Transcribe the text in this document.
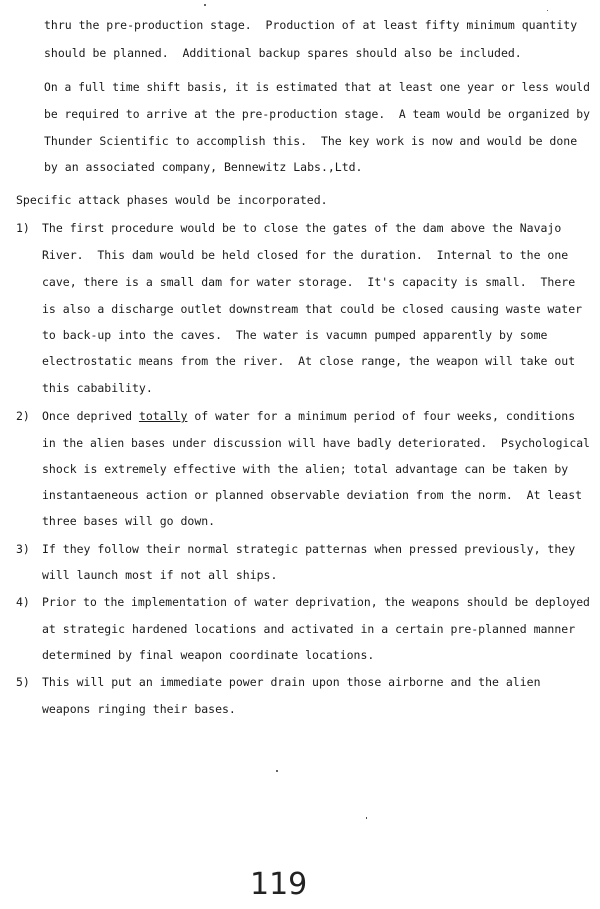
thru the pre-production stage.  Production of at least fifty minimum quantity
should be planned.  Additional backup spares should also be included.
On a full time shift basis, it is estimated that at least one year or less would
be required to arrive at the pre-production stage.  A team would be organized by
Thunder Scientific to accomplish this.  The key work is now and would be done
by an associated company, Bennewitz Labs.,Ltd.
Specific attack phases would be incorporated.
1) The first procedure would be to close the gates of the dam above the Navajo
River.  This dam would be held closed for the duration.  Internal to the one
cave, there is a small dam for water storage.  It's capacity is small.  There
is also a discharge outlet downstream that could be closed causing waste water
to back-up into the caves.  The water is vacumn pumped apparently by some
electrostatic means from the river.  At close range, the weapon will take out
this cabability.
2) Once deprived totally of water for a minimum period of four weeks, conditions
in the alien bases under discussion will have badly deteriorated.  Psychological
shock is extremely effective with the alien; total advantage can be taken by
instantaeneous action or planned observable deviation from the norm.  At least
three bases will go down.
3) If they follow their normal strategic patternas when pressed previously, they
will launch most if not all ships.
4) Prior to the implementation of water deprivation, the weapons should be deployed
at strategic hardened locations and activated in a certain pre-planned manner
determined by final weapon coordinate locations.
5) This will put an immediate power drain upon those airborne and the alien
weapons ringing their bases.
119
